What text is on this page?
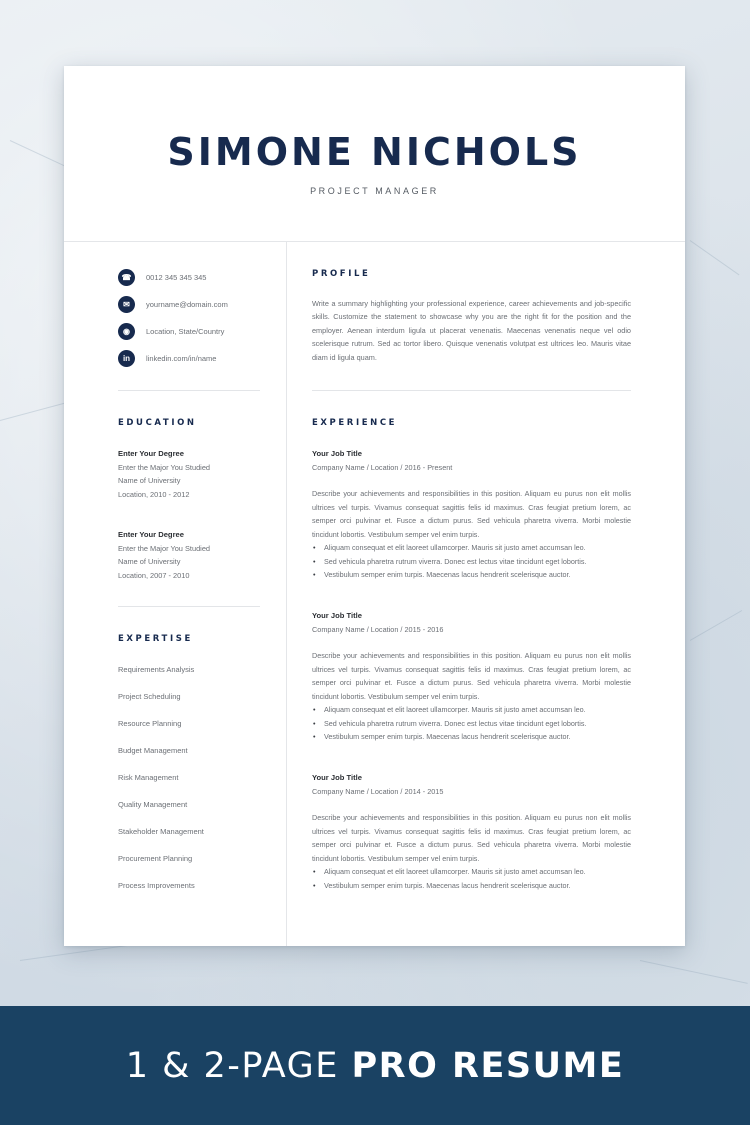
SIMONE NICHOLS
PROJECT MANAGER
☎	0012 345 345 345
✉	yourname@domain.com
◉	Location, State/Country
in	linkedin.com/in/name
EDUCATION
Enter Your Degree
Enter the Major You Studied
Name of University
Location, 2010 - 2012
Enter Your Degree
Enter the Major You Studied
Name of University
Location, 2007 - 2010
EXPERTISE
Requirements Analysis
Project Scheduling
Resource Planning
Budget Management
Risk Management
Quality Management
Stakeholder Management
Procurement Planning
Process Improvements
PROFILE
Write a summary highlighting your professional experience, career achievements and job-specific skills. Customize the statement to showcase why you are the right fit for the position and the employer. Aenean interdum ligula ut placerat venenatis. Maecenas venenatis neque vel odio scelerisque rutrum. Sed ac tortor libero. Quisque venenatis volutpat est ultrices leo. Mauris vitae diam id ligula quam.
EXPERIENCE
Your Job Title
Company Name / Location / 2016 - Present
Describe your achievements and responsibilities in this position. Aliquam eu purus non elit mollis ultrices vel turpis. Vivamus consequat sagittis felis id maximus. Cras feugiat pretium lorem, ac semper orci pulvinar et. Fusce a dictum purus. Sed vehicula pharetra viverra. Morbi molestie tincidunt lobortis. Vestibulum semper vel enim turpis.
• Aliquam consequat et elit laoreet ullamcorper. Mauris sit justo amet accumsan leo.
• Sed vehicula pharetra rutrum viverra. Donec est lectus vitae tincidunt eget lobortis.
• Vestibulum semper enim turpis. Maecenas lacus hendrerit scelerisque auctor.
Your Job Title
Company Name / Location / 2015 - 2016
Describe your achievements and responsibilities in this position. Aliquam eu purus non elit mollis ultrices vel turpis. Vivamus consequat sagittis felis id maximus. Cras feugiat pretium lorem, ac semper orci pulvinar et. Fusce a dictum purus. Sed vehicula pharetra viverra. Morbi molestie tincidunt lobortis. Vestibulum semper vel enim turpis.
• Aliquam consequat et elit laoreet ullamcorper. Mauris sit justo amet accumsan leo.
• Sed vehicula pharetra rutrum viverra. Donec est lectus vitae tincidunt eget lobortis.
• Vestibulum semper enim turpis. Maecenas lacus hendrerit scelerisque auctor.
Your Job Title
Company Name / Location / 2014 - 2015
Describe your achievements and responsibilities in this position. Aliquam eu purus non elit mollis ultrices vel turpis. Vivamus consequat sagittis felis id maximus. Cras feugiat pretium lorem, ac semper orci pulvinar et. Fusce a dictum purus. Sed vehicula pharetra viverra. Morbi molestie tincidunt lobortis. Vestibulum semper vel enim turpis.
• Aliquam consequat et elit laoreet ullamcorper. Mauris sit justo amet accumsan leo.
• Vestibulum semper enim turpis. Maecenas lacus hendrerit scelerisque auctor.
1 & 2-PAGE PRO RESUME
